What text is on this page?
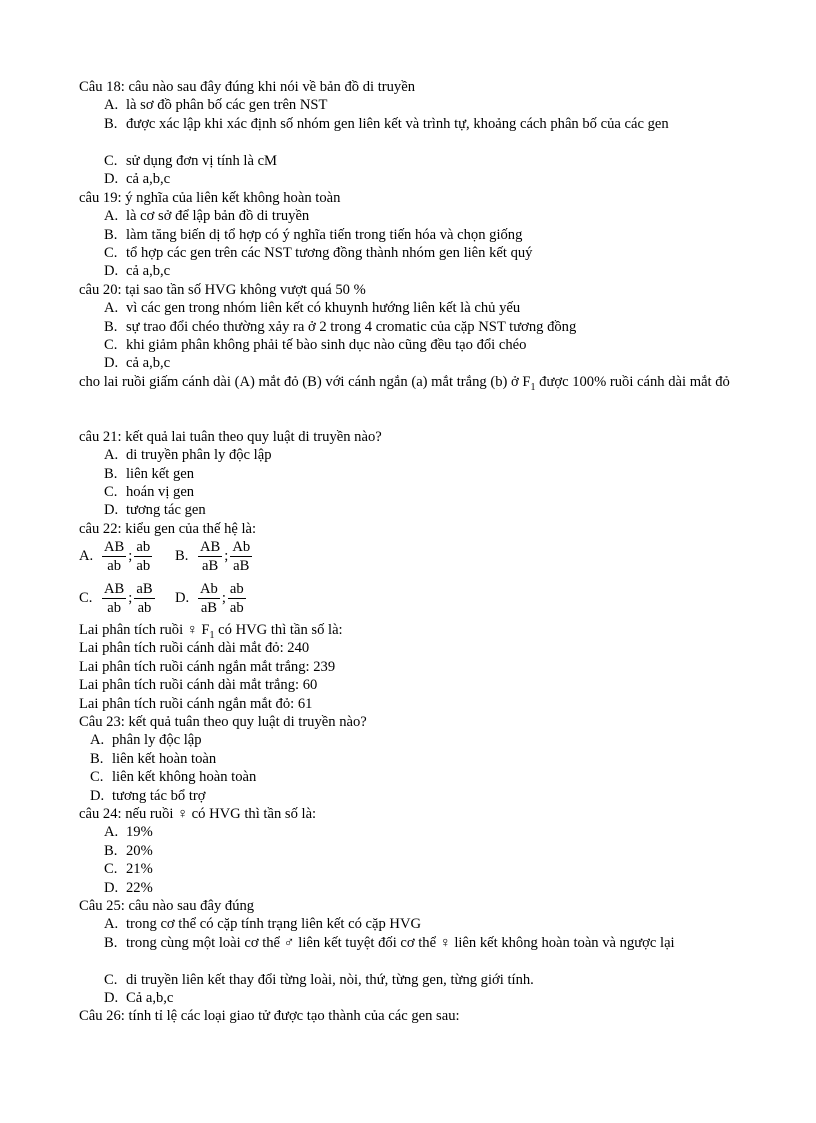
Câu 18: câu nào sau đây đúng khi nói về bản đồ di truyền
A. là sơ đồ phân bố các gen trên NST
B. được xác lập khi xác định số nhóm gen liên kết và trình tự, khoảng cách phân bố của các gen
C. sử dụng đơn vị tính là cM
D. cả a,b,c
câu 19: ý nghĩa của liên kết không hoàn toàn
A. là cơ sở để lập bản đồ di truyền
B. làm tăng biến dị tổ hợp có ý nghĩa tiến trong tiến hóa và chọn giống
C. tổ hợp các gen trên các NST tương đồng thành nhóm gen liên kết quý
D. cả a,b,c
câu 20: tại sao tần số HVG không vượt quá 50 %
A. vì các gen trong nhóm liên kết có khuynh hướng liên kết là chủ yếu
B. sự trao đổi chéo thường xảy ra ở 2 trong 4 cromatic của cặp NST tương đồng
C. khi giảm phân không phải tế bào sinh dục nào cũng đều tạo đổi chéo
D. cả a,b,c
cho lai ruồi giấm cánh dài (A) mắt đỏ (B) với cánh ngắn (a) mắt trắng (b) ở $F_1$ được 100% ruồi cánh dài mắt đỏ
câu 21: kết quả lai tuân theo quy luật di truyền nào?
A. di truyền phân ly độc lập
B. liên kết gen
C. hoán vị gen
D. tương tác gen
câu 22: kiểu gen của thế hệ là:
A. $\frac{AB}{ab}$ ; $\frac{ab}{ab} B$. $\frac{AB}{aB}$ ; $\frac{Ab}{aB}$
C. $\frac{AB}{ab}$ ; $\frac{aB}{ab} D$. $\frac{Ab}{aB}$ ; $\frac{ab}{ab}$
Lai phân tích ruồi ♀ $F_1$ có HVG thì tần số là:
Lai phân tích ruồi cánh dài mắt đỏ: 240
Lai phân tích ruồi cánh ngắn mắt trắng: 239
Lai phân tích ruồi cánh dài mắt trắng: 60
Lai phân tích ruồi cánh ngắn mắt đỏ: 61
Câu 23: kết quả tuân theo quy luật di truyền nào?
A. phân ly độc lập
B. liên kết hoàn toàn
C. liên kết không hoàn toàn
D. tương tác bổ trợ
câu 24: nếu ruồi ♀ có HVG thì tần số là:
A. 19%
B. 20%
C. 21%
D. 22%
Câu 25: câu nào sau đây đúng
A. trong cơ thể có cặp tính trạng liên kết có cặp HVG
B. trong cùng một loài cơ thể ♂ liên kết tuyệt đối cơ thể ♀ liên kết không hoàn toàn và ngược lại
C. di truyền liên kết thay đổi từng loài, nòi, thứ, từng gen, từng giới tính.
D. Cả a,b,c
Câu 26: tính tỉ lệ các loại giao tử được tạo thành của các gen sau:
